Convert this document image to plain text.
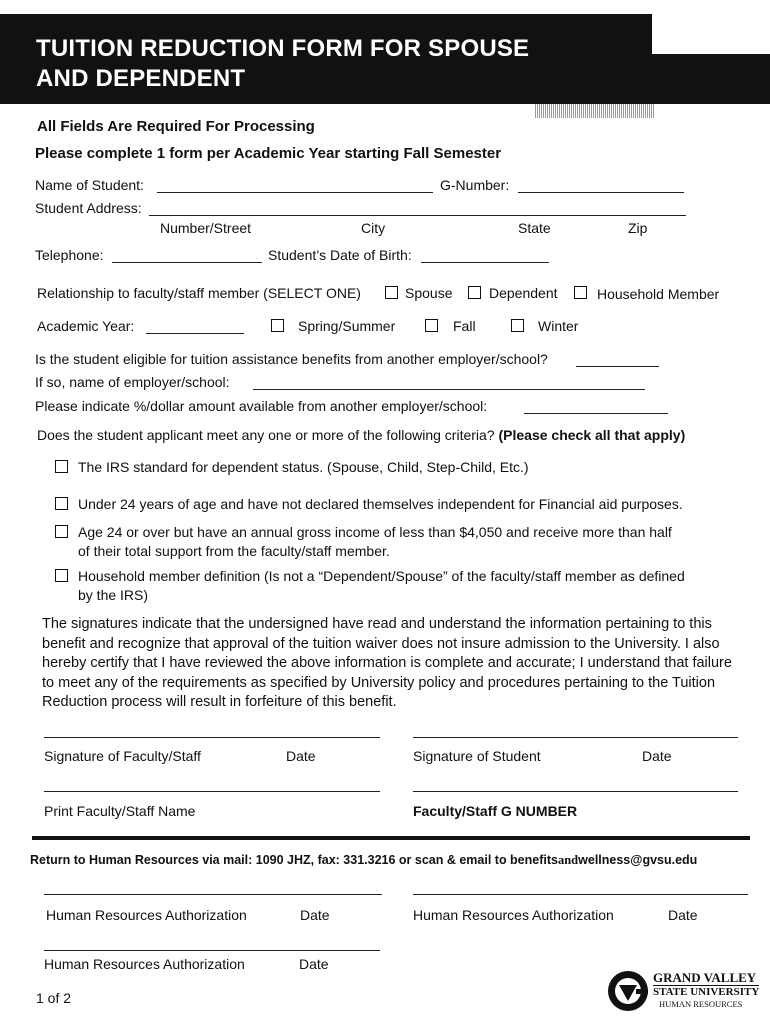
TUITION REDUCTION FORM FOR SPOUSE
AND DEPENDENT
All Fields Are Required For Processing
Please complete 1 form per Academic Year starting Fall Semester
Name of Student:	G-Number:
Student Address:
Number/Street	City	State	Zip
Telephone:	Student’s Date of Birth:
Relationship to faculty/staff member (SELECT ONE)	Spouse	Dependent	Household Member
Academic Year:	Spring/Summer	Fall	Winter
Is the student eligible for tuition assistance benefits from another employer/school?
If so, name of employer/school:
Please indicate %/dollar amount available from another employer/school:
Does the student applicant meet any one or more of the following criteria? (Please check all that apply)
The IRS standard for dependent status. (Spouse, Child, Step-Child, Etc.)
Under 24 years of age and have not declared themselves independent for Financial aid purposes.
Age 24 or over but have an annual gross income of less than $4,050 and receive more than half
of their total support from the faculty/staff member.
Household member definition (Is not a “Dependent/Spouse” of the faculty/staff member as defined
by the IRS)
The signatures indicate that the undersigned have read and understand the information pertaining to this benefit and recognize that approval of the tuition waiver does not insure admission to the University. I also hereby certify that I have reviewed the above information is complete and accurate; I understand that failure to meet any of the requirements as specified by University policy and procedures pertaining to the Tuition Reduction process will result in forfeiture of this benefit.
Signature of Faculty/Staff	Date	Signature of Student	Date
Print Faculty/Staff Name	Faculty/Staff G NUMBER
Return to Human Resources via mail: 1090 JHZ, fax: 331.3216 or scan & email to benefitsandwellness@gvsu.edu
Human Resources Authorization	Date	Human Resources Authorization	Date
Human Resources Authorization	Date
1 of 2
GRAND VALLEY
STATE UNIVERSITY
HUMAN RESOURCES
